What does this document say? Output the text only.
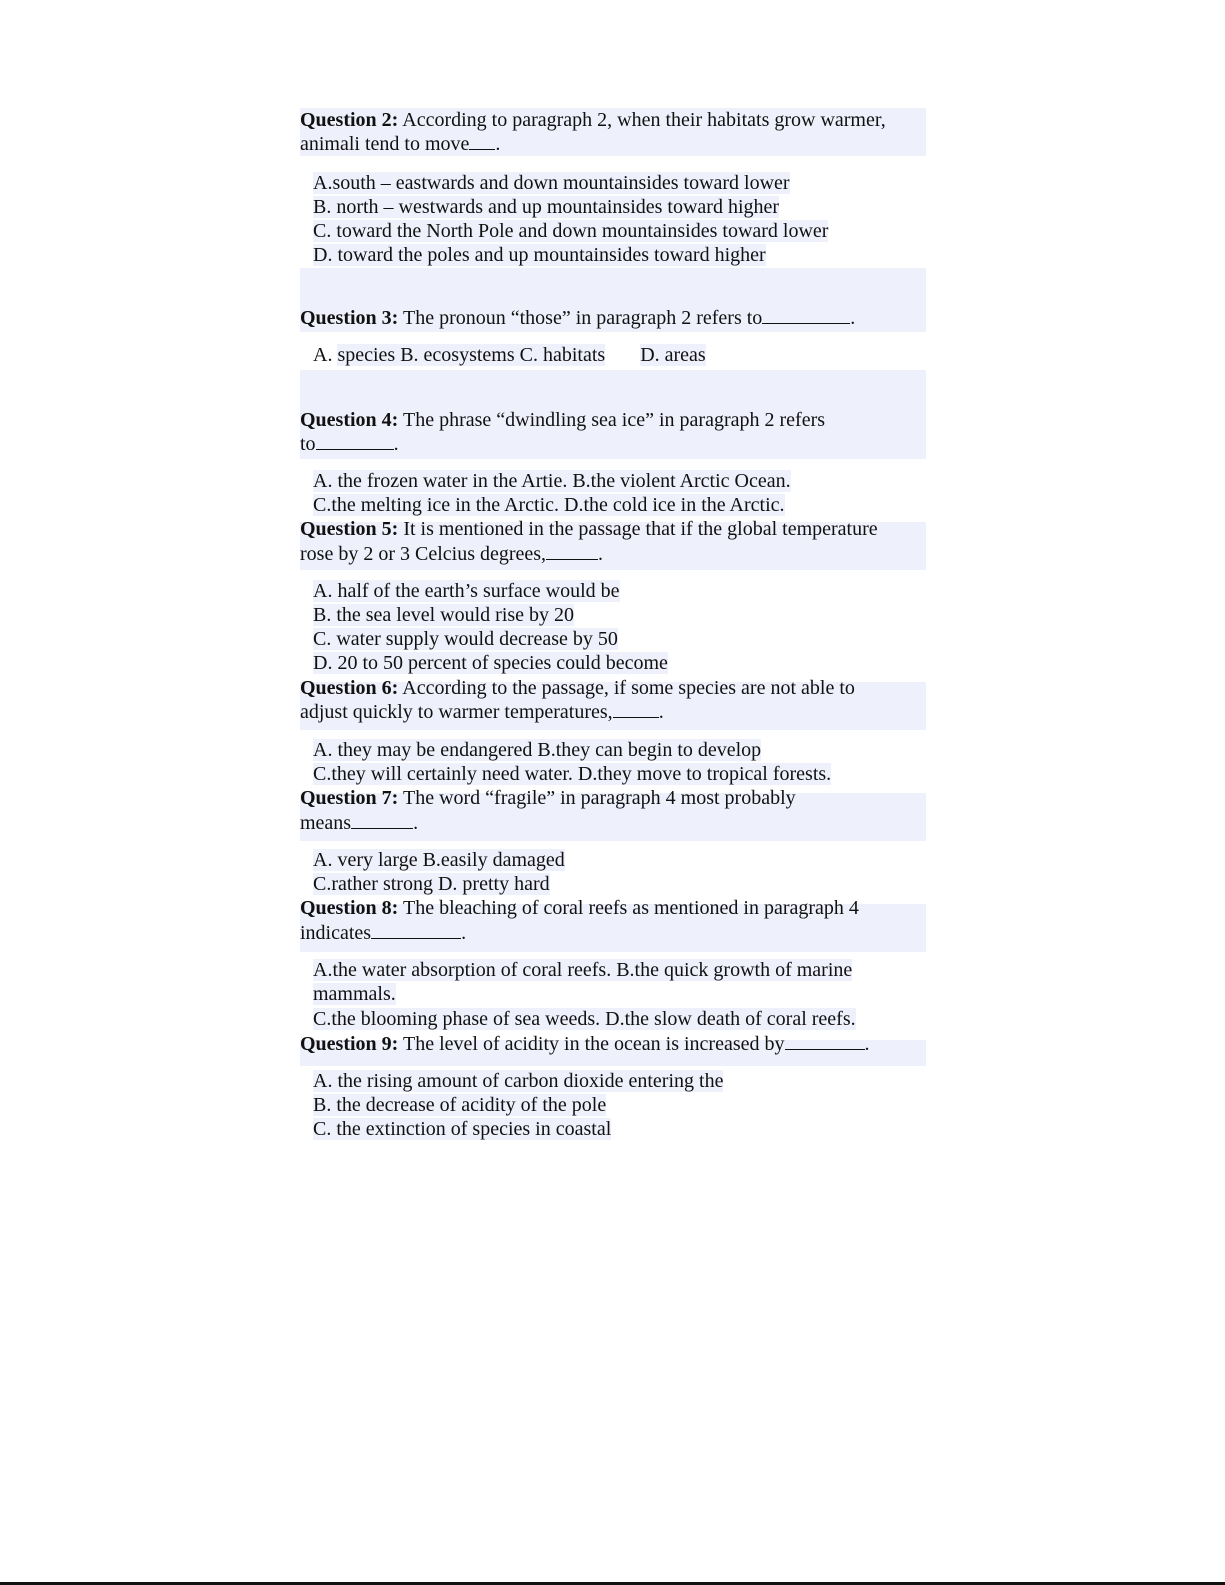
Question 2: According to paragraph 2, when their habitats grow warmer,
animali tend to move .
A.south – eastwards and down mountainsides toward lower
B. north – westwards and up mountainsides toward higher
C. toward the North Pole and down mountainsides toward lower
D. toward the poles and up mountainsides toward higher
Question 3: The pronoun “those” in paragraph 2 refers to	.
A. species B. ecosystems C. habitats D. areas
Question 4: The phrase “dwindling sea ice” in paragraph 2 refers
to	.
A. the frozen water in the Artie. B.the violent Arctic Ocean.
C.the melting ice in the Arctic. D.the cold ice in the Arctic.
Question 5: It is mentioned in the passage that if the global temperature
rose by 2 or 3 Celcius degrees,	.
A. half of the earth’s surface would be
B. the sea level would rise by 20
C. water supply would decrease by 50
D. 20 to 50 percent of species could become
Question 6: According to the passage, if some species are not able to
adjust quickly to warmer temperatures, .
A. they may be endangered B.they can begin to develop
C.they will certainly need water. D.they move to tropical forests.
Question 7: The word “fragile” in paragraph 4 most probably
means	.
A. very large B.easily damaged
C.rather strong D. pretty hard
Question 8: The bleaching of coral reefs as mentioned in paragraph 4
indicates	.
A.the water absorption of coral reefs. B.the quick growth of marine
mammals.
C.the blooming phase of sea weeds. D.the slow death of coral reefs.
Question 9: The level of acidity in the ocean is increased by	.
A. the rising amount of carbon dioxide entering the
B. the decrease of acidity of the pole
C. the extinction of species in coastal
